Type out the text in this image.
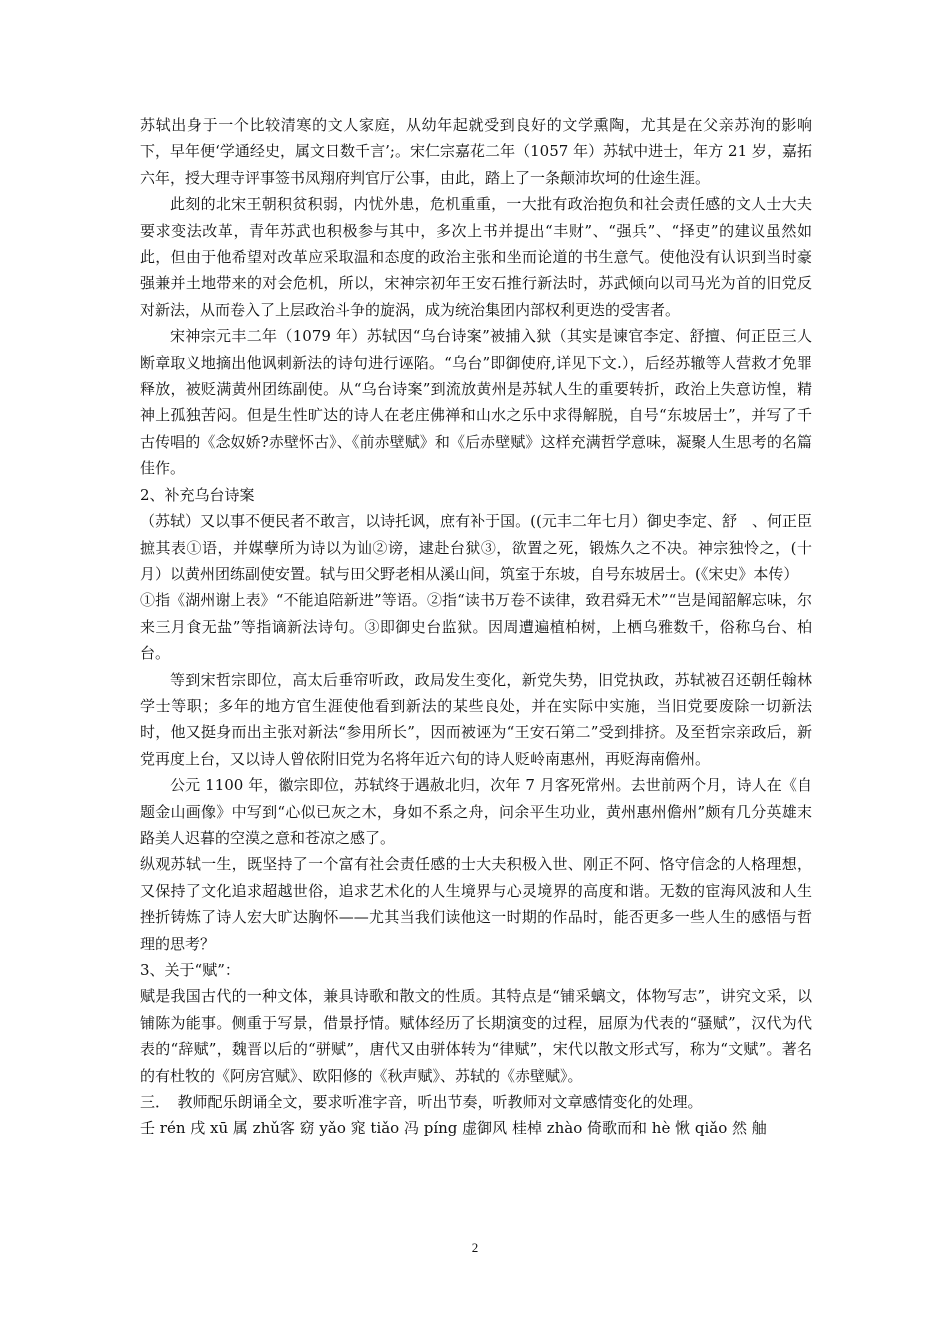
苏轼出身于一个比较清寒的文人家庭，从幼年起就受到良好的文学熏陶，尤其是在父亲苏洵的影响下，早年便‘学通经史，属文日数千言’;。宋仁宗嘉花二年（1057 年）苏轼中进士，年方 21 岁，嘉拓六年，授大理寺评事签书凤翔府判官厅公事，由此，踏上了一条颠沛坎坷的仕途生涯。

此刻的北宋王朝积贫积弱，内忧外患，危机重重，一大批有政治抱负和社会责任感的文人士大夫要求变法改革，青年苏武也积极参与其中，多次上书并提出“丰财”、“强兵”、“择吏”的建议虽然如此，但由于他希望对改革应采取温和态度的政治主张和坐而论道的书生意气。使他没有认识到当时豪强兼并土地带来的对会危机，所以，宋神宗初年王安石推行新法时，苏武倾向以司马光为首的旧党反对新法，从而卷入了上层政治斗争的旋涡，成为统治集团内部权利更迭的受害者。

宋神宗元丰二年（1079 年）苏轼因“乌台诗案”被捕入狱（其实是谏官李定、舒擅、何正臣三人断章取义地摘出他讽刺新法的诗句进行诬陷。“乌台”即御使府,详见下文.），后经苏辙等人营救才免罪释放，被贬满黄州团练副使。从“乌台诗案”到流放黄州是苏轼人生的重要转折，政治上失意访惶，精神上孤独苦闷。但是生性旷达的诗人在老庄佛禅和山水之乐中求得解脱，自号“东坡居士”，并写了千古传唱的《念奴娇?赤壁怀古》、《前赤壁赋》和《后赤壁赋》这样充满哲学意味，凝聚人生思考的名篇佳作。

2、补充乌台诗案

（苏轼）又以事不便民者不敢言，以诗托讽，庶有补于国。((元丰二年七月）御史李定、舒　、何正臣摭其表①语，并媒孽所为诗以为讪②谤，逮赴台狱③，欲置之死，锻炼久之不决。神宗独怜之，(十月）以黄州团练副使安置。轼与田父野老相从溪山间，筑室于东坡，自号东坡居士。(《宋史》本传）

①指《湖州谢上表》“不能追陪新进”等语。②指“读书万卷不读律，致君舜无术”“岂是闻韶解忘味，尔来三月食无盐”等指谪新法诗句。③即御史台监狱。因周遭遍植柏树，上栖乌雅数千，俗称乌台、柏台。

等到宋哲宗即位，高太后垂帘听政，政局发生变化，新党失势，旧党执政，苏轼被召还朝任翰林学士等职；多年的地方官生涯使他看到新法的某些良处，并在实际中实施，当旧党要废除一切新法时，他又挺身而出主张对新法“参用所长”，因而被诬为“王安石第二”受到排挤。及至哲宗亲政后，新党再度上台，又以诗人曾依附旧党为名将年近六旬的诗人贬岭南惠州，再贬海南儋州。

公元 1100 年，徽宗即位，苏轼终于遇赦北归，次年 7 月客死常州。去世前两个月，诗人在《自题金山画像》中写到“心似已灰之木，身如不系之舟，问余平生功业，黄州惠州儋州”颇有几分英雄末路美人迟暮的空漠之意和苍凉之感了。

纵观苏轼一生，既坚持了一个富有社会责任感的士大夫积极入世、刚正不阿、恪守信念的人格理想，又保持了文化追求超越世俗，追求艺术化的人生境界与心灵境界的高度和谐。无数的宦海风波和人生挫折铸炼了诗人宏大旷达胸怀——尤其当我们读他这一时期的作品时，能否更多一些人生的感悟与哲理的思考？

3、关于“赋”：

赋是我国古代的一种文体，兼具诗歌和散文的性质。其特点是“铺采螭文，体物写志”，讲究文采，以铺陈为能事。侧重于写景，借景抒情。赋体经历了长期演变的过程，屈原为代表的“骚赋”，汉代为代表的“辞赋”，魏晋以后的“骈赋”，唐代又由骈体转为“律赋”，宋代以散文形式写，称为“文赋”。著名的有杜牧的《阿房宫赋》、欧阳修的《秋声赋》、苏轼的《赤壁赋》。

三．　教师配乐朗诵全文，要求听准字音，听出节奏，听教师对文章感情变化的处理。

壬 rén 戌 xū 属 zhǔ客 窈 yǎo 窕 tiǎo 冯 píng 虚御风 桂棹 zhào 倚歌而和 hè 愀 qiǎo 然 舳

2
